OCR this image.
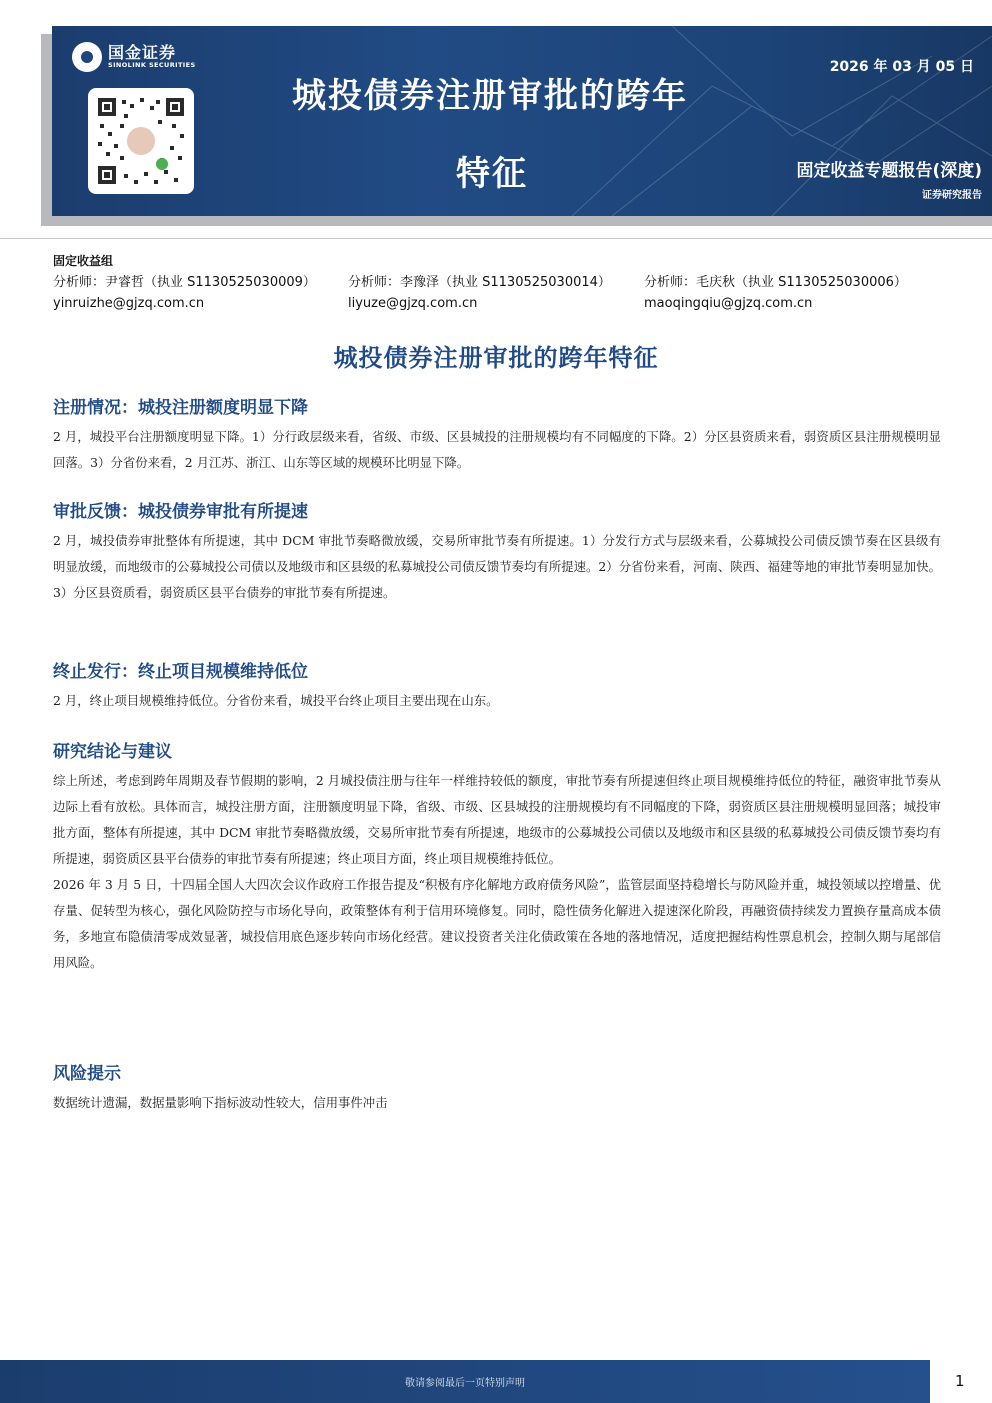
国金证券
SINOLINK SECURITIES
城投债券注册审批的跨年
特征
2026 年 03 月 05 日
固定收益专题报告(深度)
证券研究报告
固定收益组
分析师：尹睿哲（执业 S1130525030009）
yinruizhe@gjzq.com.cn
分析师：李豫泽（执业 S1130525030014）
liyuze@gjzq.com.cn
分析师：毛庆秋（执业 S1130525030006）
maoqingqiu@gjzq.com.cn
城投债券注册审批的跨年特征
注册情况：城投注册额度明显下降

2 月，城投平台注册额度明显下降。1）分行政层级来看，省级、市级、区县城投的注册规模均有不同幅度的下降。2）分区县资质来看，弱资质区县注册规模明显回落。3）分省份来看，2 月江苏、浙江、山东等区域的规模环比明显下降。

审批反馈：城投债券审批有所提速

2 月，城投债券审批整体有所提速，其中 DCM 审批节奏略微放缓，交易所审批节奏有所提速。1）分发行方式与层级来看，公募城投公司债反馈节奏在区县级有明显放缓，而地级市的公募城投公司债以及地级市和区县级的私募城投公司债反馈节奏均有所提速。2）分省份来看，河南、陕西、福建等地的审批节奏明显加快。3）分区县资质看，弱资质区县平台债券的审批节奏有所提速。

终止发行：终止项目规模维持低位

2 月，终止项目规模维持低位。分省份来看，城投平台终止项目主要出现在山东。

研究结论与建议

综上所述，考虑到跨年周期及春节假期的影响，2 月城投债注册与往年一样维持较低的额度，审批节奏有所提速但终止项目规模维持低位的特征，融资审批节奏从边际上看有放松。具体而言，城投注册方面，注册额度明显下降，省级、市级、区县城投的注册规模均有不同幅度的下降，弱资质区县注册规模明显回落；城投审批方面，整体有所提速，其中 DCM 审批节奏略微放缓，交易所审批节奏有所提速，地级市的公募城投公司债以及地级市和区县级的私募城投公司债反馈节奏均有所提速，弱资质区县平台债券的审批节奏有所提速；终止项目方面，终止项目规模维持低位。

2026 年 3 月 5 日，十四届全国人大四次会议作政府工作报告提及“积极有序化解地方政府债务风险”，监管层面坚持稳增长与防风险并重，城投领域以控增量、优存量、促转型为核心，强化风险防控与市场化导向，政策整体有利于信用环境修复。同时，隐性债务化解进入提速深化阶段，再融资债持续发力置换存量高成本债务，多地宣布隐债清零成效显著，城投信用底色逐步转向市场化经营。建议投资者关注化债政策在各地的落地情况，适度把握结构性票息机会，控制久期与尾部信用风险。

风险提示

数据统计遗漏，数据量影响下指标波动性较大，信用事件冲击

敬请参阅最后一页特别声明	1
